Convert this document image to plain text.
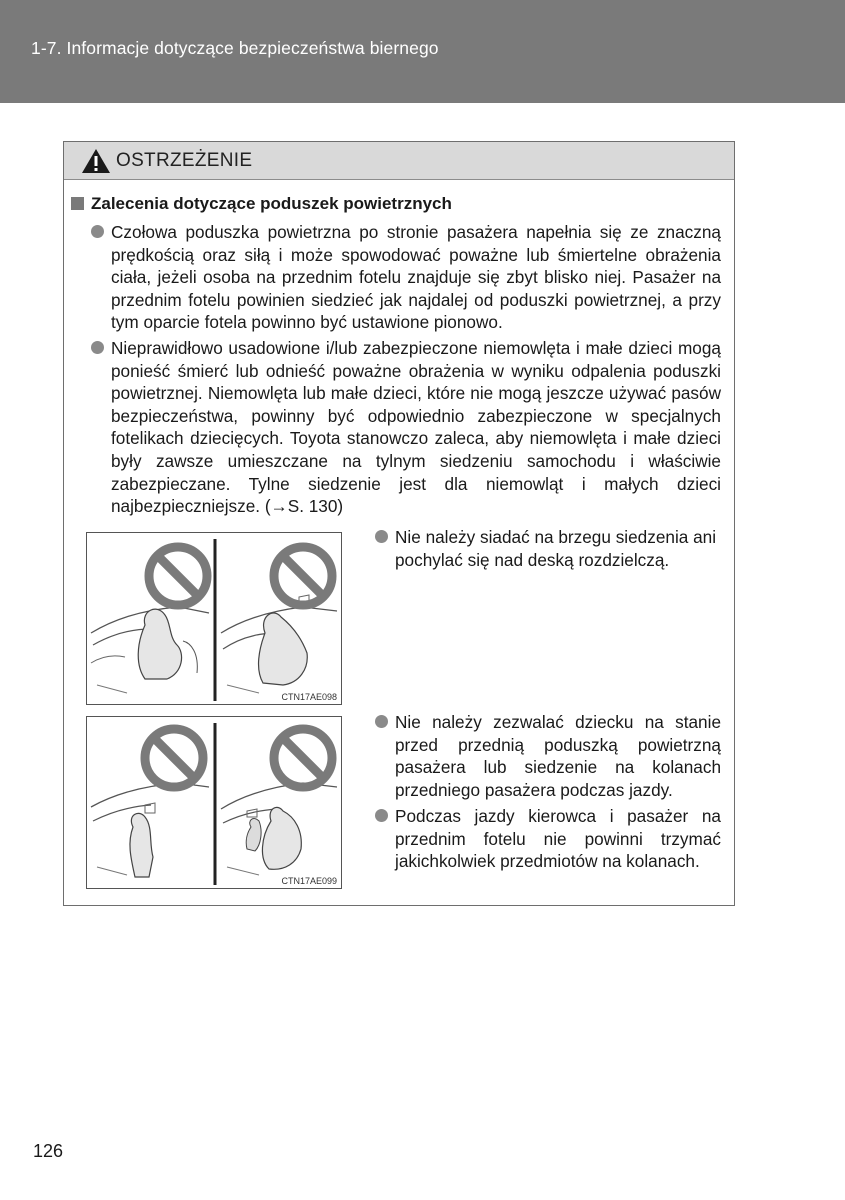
1-7. Informacje dotyczące bezpieczeństwa biernego
OSTRZEŻENIE
Zalecenia dotyczące poduszek powietrznych
Czołowa poduszka powietrzna po stronie pasażera napełnia się ze znaczną prędkością oraz siłą i może spowodować poważne lub śmiertelne obrażenia ciała, jeżeli osoba na przednim fotelu znajduje się zbyt blisko niej. Pasażer na przednim fotelu powinien siedzieć jak najdalej od poduszki powietrznej, a przy tym oparcie fotela powinno być ustawione pionowo.
Nieprawidłowo usadowione i/lub zabezpieczone niemowlęta i małe dzieci mogą ponieść śmierć lub odnieść poważne obrażenia w wyniku odpalenia poduszki powietrznej. Niemowlęta lub małe dzieci, które nie mogą jeszcze używać pasów bezpieczeństwa, powinny być odpowiednio zabezpieczone w specjalnych fotelikach dziecięcych. Toyota stanowczo zaleca, aby niemowlęta i małe dzieci były zawsze umieszczane na tylnym siedzeniu samochodu i właściwie zabezpieczane. Tylne siedzenie jest dla niemowląt i małych dzieci najbezpieczniejsze. (→S. 130)
CTN17AE098
Nie należy siadać na brzegu siedzenia ani pochylać się nad deską rozdzielczą.
CTN17AE099
Nie należy zezwalać dziecku na stanie przed przednią poduszką powietrzną pasażera lub siedzenie na kolanach przedniego pasażera podczas jazdy.
Podczas jazdy kierowca i pasażer na przednim fotelu nie powinni trzymać jakichkolwiek przedmiotów na kolanach.
126
